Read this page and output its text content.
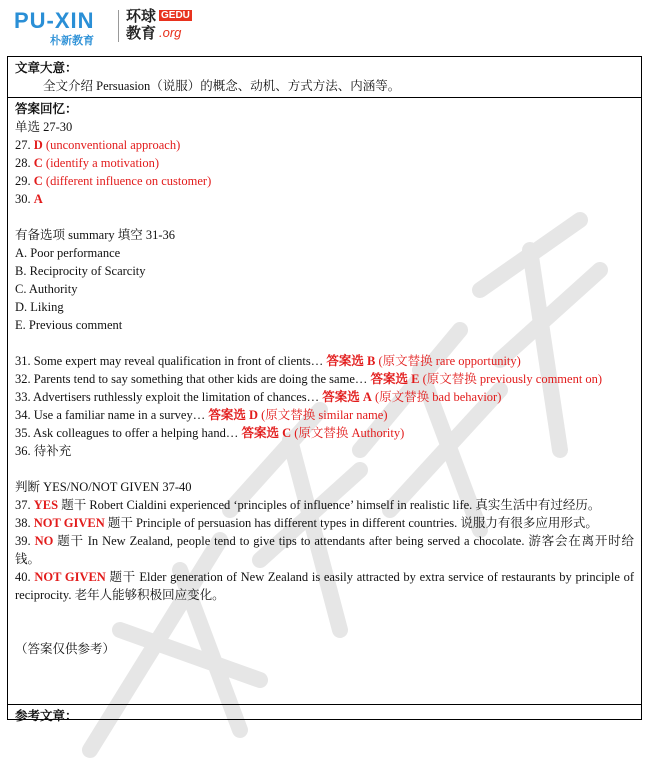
PU-XIN
朴新教育
环球
教育
GEDU
.org

文章大意：

全文介绍 Persuasion（说服）的概念、动机、方式方法、内涵等。

答案回忆：

单选 27-30

27. D (unconventional approach)

28. C (identify a motivation)

29. C (different influence on customer)

30. A

有备选项 summary 填空 31-36

A. Poor performance

B. Reciprocity of Scarcity

C. Authority

D. Liking

E. Previous comment

31. Some expert may reveal qualification in front of clients… 答案选 B (原文替换 rare opportunity)

32. Parents tend to say something that other kids are doing the same… 答案选 E (原文替换 previously comment on)

33. Advertisers ruthlessly exploit the limitation of chances… 答案选 A (原文替换 bad behavior)

34. Use a familiar name in a survey… 答案选 D (原文替换 similar name)

35. Ask colleagues to offer a helping hand… 答案选 C (原文替换 Authority)

36. 待补充

判断 YES/NO/NOT GIVEN 37-40

37. YES 题干 Robert Cialdini experienced ‘principles of influence’ himself in realistic life. 真实生活中有过经历。

38. NOT GIVEN 题干 Principle of persuasion has different types in different countries. 说服力有很多应用形式。

39. NO 题干 In New Zealand, people tend to give tips to attendants after being served a chocolate. 游客会在离开时给钱。

40. NOT GIVEN 题干 Elder generation of New Zealand is easily attracted by extra service of restaurants by principle of reciprocity. 老年人能够积极回应变化。

（答案仅供参考）

参考文章：
